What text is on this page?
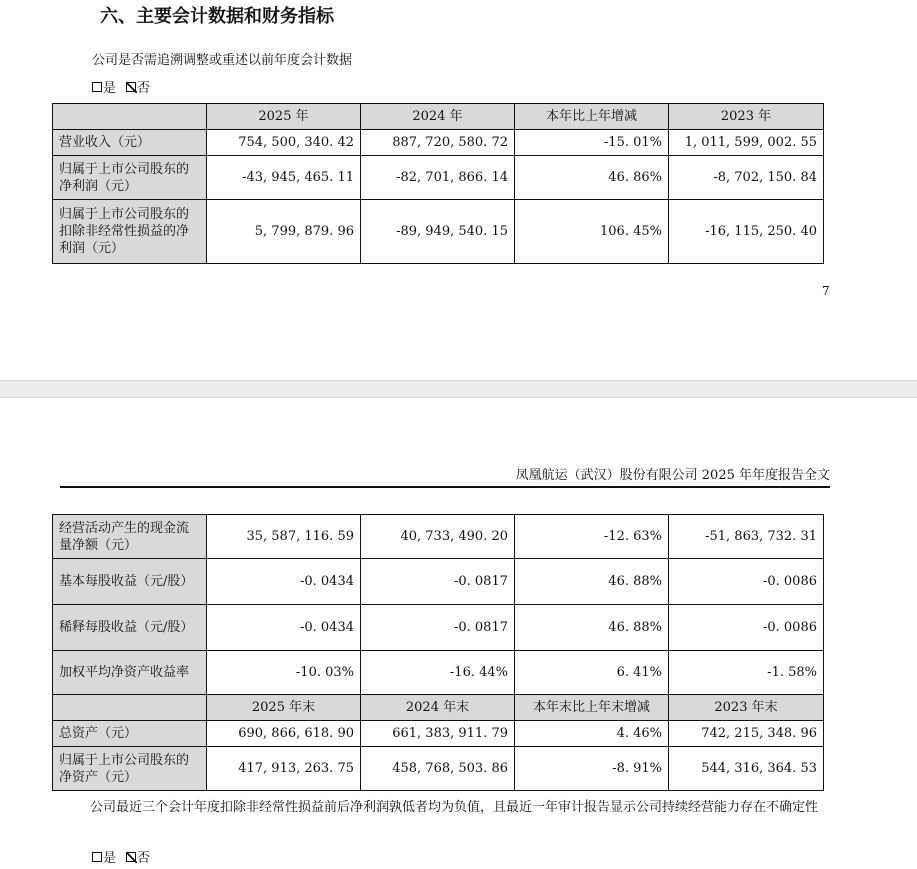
六、主要会计数据和财务指标
公司是否需追溯调整或重述以前年度会计数据
是 否
	2025 年	2024 年	本年比上年增减	2023 年
营业收入（元）	754, 500, 340. 42	887, 720, 580. 72	-15. 01%	1, 011, 599, 002. 55
归属于上市公司股东的净利润（元）	-43, 945, 465. 11	-82, 701, 866. 14	46. 86%	-8, 702, 150. 84
归属于上市公司股东的扣除非经常性损益的净利润（元）	5, 799, 879. 96	-89, 949, 540. 15	106. 45%	-16, 115, 250. 40
7
凤凰航运（武汉）股份有限公司 2025 年年度报告全文
经营活动产生的现金流量净额（元）	35, 587, 116. 59	40, 733, 490. 20	-12. 63%	-51, 863, 732. 31
基本每股收益（元/股）	-0. 0434	-0. 0817	46. 88%	-0. 0086
稀释每股收益（元/股）	-0. 0434	-0. 0817	46. 88%	-0. 0086
加权平均净资产收益率	-10. 03%	-16. 44%	6. 41%	-1. 58%
	2025 年末	2024 年末	本年末比上年末增减	2023 年末
总资产（元）	690, 866, 618. 90	661, 383, 911. 79	4. 46%	742, 215, 348. 96
归属于上市公司股东的净资产（元）	417, 913, 263. 75	458, 768, 503. 86	-8. 91%	544, 316, 364. 53
公司最近三个会计年度扣除非经常性损益前后净利润孰低者均为负值，且最近一年审计报告显示公司持续经营能力存在不确定性
是 否
